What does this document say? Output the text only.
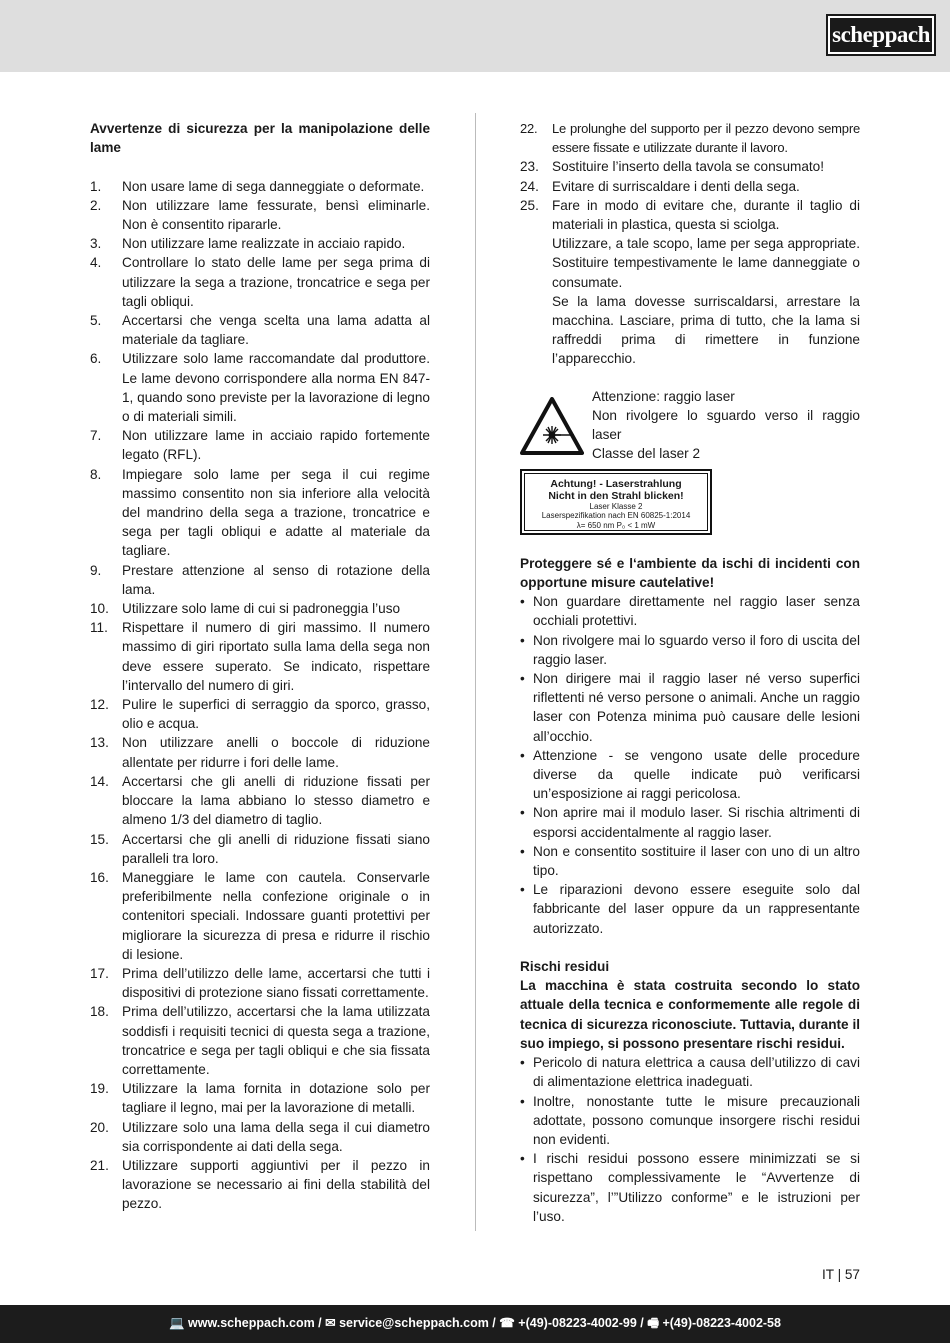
scheppach
Avvertenze di sicurezza per la manipolazione delle lame
1. Non usare lame di sega danneggiate o deformate.
2. Non utilizzare lame fessurate, bensì eliminarle. Non è consentito ripararle.
3. Non utilizzare lame realizzate in acciaio rapido.
4. Controllare lo stato delle lame per sega prima di utilizzare la sega a trazione, troncatrice e sega per tagli obliqui.
5. Accertarsi che venga scelta una lama adatta al materiale da tagliare.
6. Utilizzare solo lame raccomandate dal produttore. Le lame devono corrispondere alla norma EN 847-1, quando sono previste per la lavorazione di legno o di materiali simili.
7. Non utilizzare lame in acciaio rapido fortemente legato (RFL).
8. Impiegare solo lame per sega il cui regime massimo consentito non sia inferiore alla velocità del mandrino della sega a trazione, troncatrice e sega per tagli obliqui e adatte al materiale da tagliare.
9. Prestare attenzione al senso di rotazione della lama.
10. Utilizzare solo lame di cui si padroneggia l’uso
11. Rispettare il numero di giri massimo. Il numero massimo di giri riportato sulla lama della sega non deve essere superato. Se indicato, rispettare l’intervallo del numero di giri.
12. Pulire le superfici di serraggio da sporco, grasso, olio e acqua.
13. Non utilizzare anelli o boccole di riduzione allentate per ridurre i fori delle lame.
14. Accertarsi che gli anelli di riduzione fissati per bloccare la lama abbiano lo stesso diametro e almeno 1/3 del diametro di taglio.
15. Accertarsi che gli anelli di riduzione fissati siano paralleli tra loro.
16. Maneggiare le lame con cautela. Conservarle preferibilmente nella confezione originale o in contenitori speciali. Indossare guanti protettivi per migliorare la sicurezza di presa e ridurre il rischio di lesione.
17. Prima dell’utilizzo delle lame, accertarsi che tutti i dispositivi di protezione siano fissati correttamente.
18. Prima dell’utilizzo, accertarsi che la lama utilizzata soddisfi i requisiti tecnici di questa sega a trazione, troncatrice e sega per tagli obliqui e che sia fissata correttamente.
19. Utilizzare la lama fornita in dotazione solo per tagliare il legno, mai per la lavorazione di metalli.
20. Utilizzare solo una lama della sega il cui diametro sia corrispondente ai dati della sega.
21. Utilizzare supporti aggiuntivi per il pezzo in lavorazione se necessario ai fini della stabilità del pezzo.
22. Le prolunghe del supporto per il pezzo devono sempre essere fissate e utilizzate durante il lavoro.
23. Sostituire l’inserto della tavola se consumato!
24. Evitare di surriscaldare i denti della sega.
25. Fare in modo di evitare che, durante il taglio di materiali in plastica, questa si sciolga.
Utilizzare, a tale scopo, lame per sega appropriate. Sostituire tempestivamente le lame danneggiate o consumate.
Se la lama dovesse surriscaldarsi, arrestare la macchina. Lasciare, prima di tutto, che la lama si raffreddi prima di rimettere in funzione l’apparecchio.
Attenzione: raggio laser
Non rivolgere lo sguardo verso il raggio laser
Classe del laser 2
Achtung! - Laserstrahlung
Nicht in den Strahl blicken!
Laser Klasse 2
Laserspezifikation nach EN 60825-1:2014
λ= 650 nm P₀ < 1 mW
Proteggere sé e l‘ambiente da ischi di incidenti con opportune misure cautelative!
• Non guardare direttamente nel raggio laser senza occhiali protettivi.
• Non rivolgere mai lo sguardo verso il foro di uscita del raggio laser.
• Non dirigere mai il raggio laser né verso superfici riflettenti né verso persone o animali. Anche un raggio laser con Potenza minima può causare delle lesioni all’occhio.
• Attenzione - se vengono usate delle procedure diverse da quelle indicate può verificarsi un’esposizione ai raggi pericolosa.
• Non aprire mai il modulo laser. Si rischia altrimenti di esporsi accidentalmente al raggio laser.
• Non e consentito sostituire il laser con uno di un altro tipo.
• Le riparazioni devono essere eseguite solo dal fabbricante del laser oppure da un rappresentante autorizzato.
Rischi residui
La macchina è stata costruita secondo lo stato attuale della tecnica e conformemente alle regole di tecnica di sicurezza riconosciute. Tuttavia, durante il suo impiego, si possono presentare rischi residui.
• Pericolo di natura elettrica a causa dell’utilizzo di cavi di alimentazione elettrica inadeguati.
• Inoltre, nonostante tutte le misure precauzionali adottate, possono comunque insorgere rischi residui non evidenti.
• I rischi residui possono essere minimizzati se si rispettano complessivamente le “Avvertenze di sicurezza”, l’”Utilizzo conforme” e le istruzioni per l’uso.
IT | 57
💻 www.scheppach.com / ✉ service@scheppach.com / ☎ +(49)-08223-4002-99 / 🖷 +(49)-08223-4002-58
